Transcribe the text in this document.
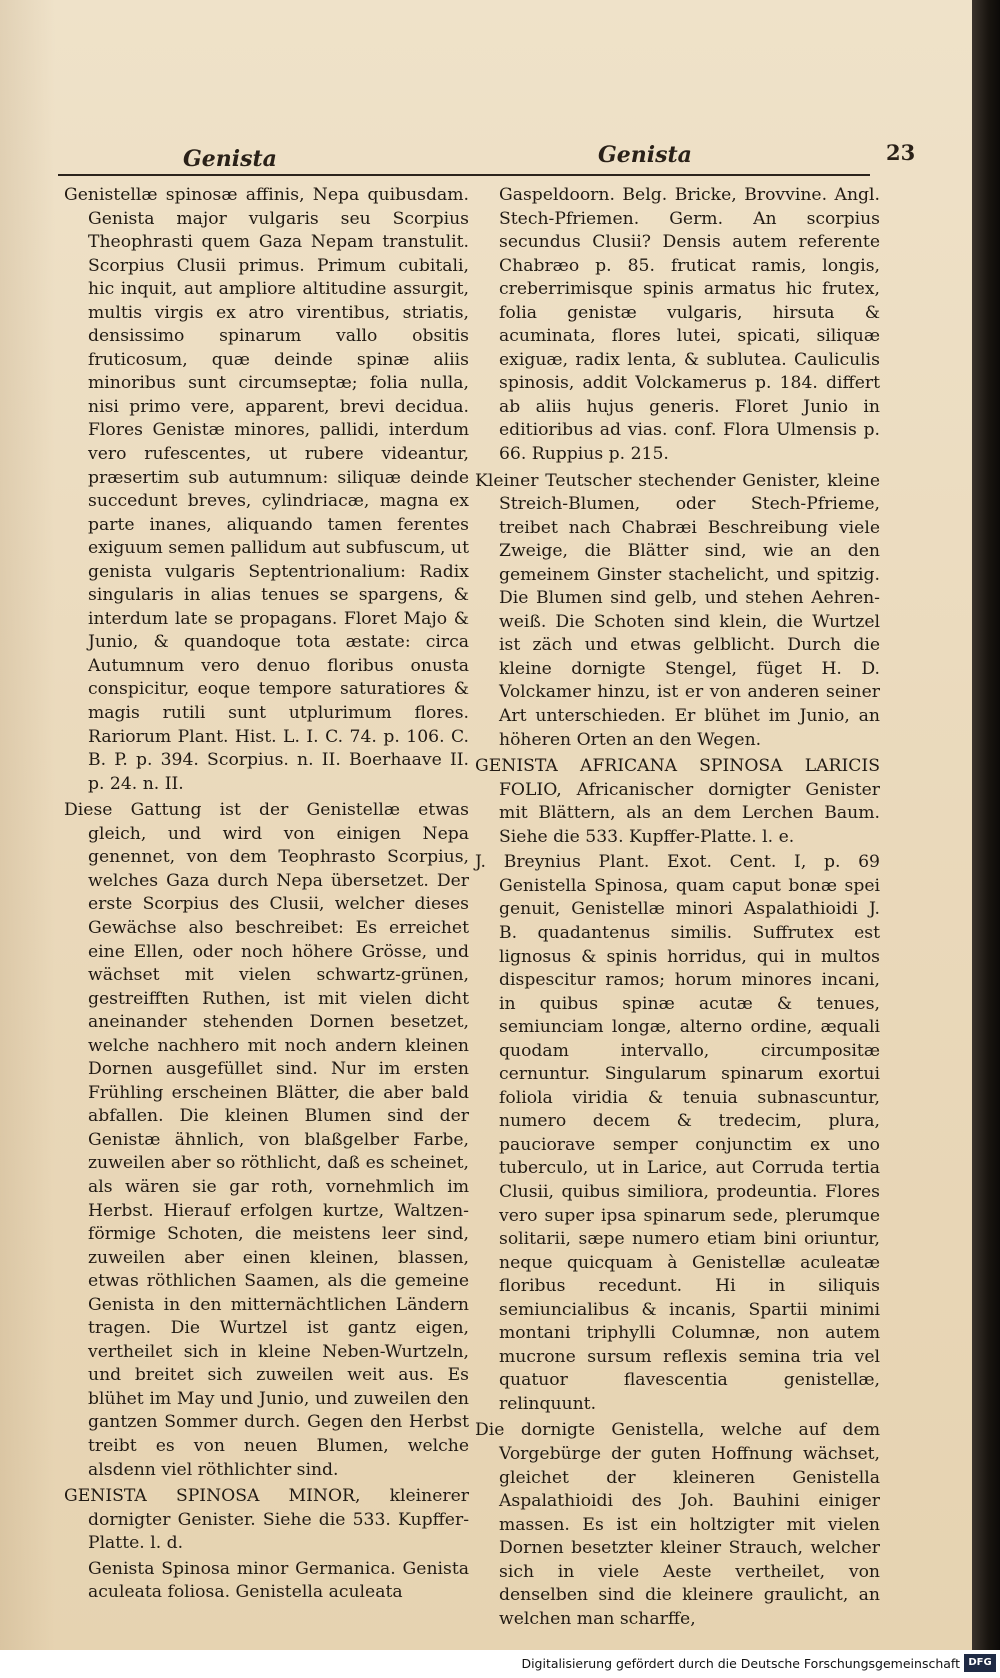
Genista	Genista	23

Genistellæ spinosæ affinis, Nepa quibusdam. Genista major vulgaris seu Scorpius Theophrasti quem Gaza Nepam transtulit. Scorpius Clusii primus. Primum cubitali, hic inquit, aut ampliore altitudine assurgit, multis virgis ex atro virentibus, striatis, densissimo spinarum vallo obsitis fruticosum, quæ deinde spinæ aliis minoribus sunt circumseptæ; folia nulla, nisi primo vere, apparent, brevi decidua. Flores Genistæ minores, pallidi, interdum vero rufescentes, ut rubere videantur, præsertim sub autumnum: siliquæ deinde succedunt breves, cylindriacæ, magna ex parte inanes, aliquando tamen ferentes exiguum semen pallidum aut subfuscum, ut genista vulgaris Septentrionalium: Radix singularis in alias tenues se spargens, & interdum late se propagans. Floret Majo & Junio, & quandoque tota æstate: circa Autumnum vero denuo floribus onusta conspicitur, eoque tempore saturatiores & magis rutili sunt utplurimum flores. Rariorum Plant. Hist. L. I. C. 74. p. 106. C. B. P. p. 394. Scorpius. n. II. Boerhaave II. p. 24. n. II.

Diese Gattung ist der Genistellæ etwas gleich, und wird von einigen Nepa genennet, von dem Teophrasto Scorpius, welches Gaza durch Nepa übersetzet. Der erste Scorpius des Clusii, welcher dieses Gewächse also beschreibet: Es erreichet eine Ellen, oder noch höhere Grösse, und wächset mit vielen schwartz-grünen, gestreifften Ruthen, ist mit vielen dicht aneinander stehenden Dornen besetzet, welche nachhero mit noch andern kleinen Dornen ausgefüllet sind. Nur im ersten Frühling erscheinen Blätter, die aber bald abfallen. Die kleinen Blumen sind der Genistæ ähnlich, von blaßgelber Farbe, zuweilen aber so röthlicht, daß es scheinet, als wären sie gar roth, vornehmlich im Herbst. Hierauf erfolgen kurtze, Waltzen-förmige Schoten, die meistens leer sind, zuweilen aber einen kleinen, blassen, etwas röthlichen Saamen, als die gemeine Genista in den mitternächtlichen Ländern tragen. Die Wurtzel ist gantz eigen, vertheilet sich in kleine Neben-Wurtzeln, und breitet sich zuweilen weit aus. Es blühet im May und Junio, und zuweilen den gantzen Sommer durch. Gegen den Herbst treibt es von neuen Blumen, welche alsdenn viel röthlichter sind.

GENISTA SPINOSA MINOR, kleinerer dornigter Genister. Siehe die 533. Kupffer-Platte. l. d.

Genista Spinosa minor Germanica. Genista aculeata foliosa. Genistella aculeata

Gaspeldoorn. Belg. Bricke, Brovvine. Angl. Stech-Pfriemen. Germ. An scorpius secundus Clusii? Densis autem referente Chabræo p. 85. fruticat ramis, longis, creberrimisque spinis armatus hic frutex, folia genistæ vulgaris, hirsuta & acuminata, flores lutei, spicati, siliquæ exiguæ, radix lenta, & sublutea. Cauliculis spinosis, addit Volckamerus p. 184. differt ab aliis hujus generis. Floret Junio in editioribus ad vias. conf. Flora Ulmensis p. 66. Ruppius p. 215.

Kleiner Teutscher stechender Genister, kleine Streich-Blumen, oder Stech-Pfrieme, treibet nach Chabræi Beschreibung viele Zweige, die Blätter sind, wie an den gemeinem Ginster stachelicht, und spitzig. Die Blumen sind gelb, und stehen Aehren-weiß. Die Schoten sind klein, die Wurtzel ist zäch und etwas gelblicht. Durch die kleine dornigte Stengel, füget H. D. Volckamer hinzu, ist er von anderen seiner Art unterschieden. Er blühet im Junio, an höheren Orten an den Wegen.

GENISTA AFRICANA SPINOSA LARICIS FOLIO, Africanischer dornigter Genister mit Blättern, als an dem Lerchen Baum. Siehe die 533. Kupffer-Platte. l. e.

J. Breynius Plant. Exot. Cent. I, p. 69 Genistella Spinosa, quam caput bonæ spei genuit, Genistellæ minori Aspalathioidi J. B. quadantenus similis. Suffrutex est lignosus & spinis horridus, qui in multos dispescitur ramos; horum minores incani, in quibus spinæ acutæ & tenues, semiunciam longæ, alterno ordine, æquali quodam intervallo, circumpositæ cernuntur. Singularum spinarum exortui foliola viridia & tenuia subnascuntur, numero decem & tredecim, plura, pauciorave semper conjunctim ex uno tuberculo, ut in Larice, aut Corruda tertia Clusii, quibus similiora, prodeuntia. Flores vero super ipsa spinarum sede, plerumque solitarii, sæpe numero etiam bini oriuntur, neque quicquam à Genistellæ aculeatæ floribus recedunt. Hi in siliquis semiuncialibus & incanis, Spartii minimi montani triphylli Columnæ, non autem mucrone sursum reflexis semina tria vel quatuor flavescentia genistellæ, relinquunt.

Die dornigte Genistella, welche auf dem Vorgebürge der guten Hoffnung wächset, gleichet der kleineren Genistella Aspalathioidi des Joh. Bauhini einiger massen. Es ist ein holtzigter mit vielen Dornen besetzter kleiner Strauch, welcher sich in viele Aeste vertheilet, von denselben sind die kleinere graulicht, an welchen man scharffe,

Digitalisierung gefördert durch die Deutsche Forschungsgemeinschaft DFG
